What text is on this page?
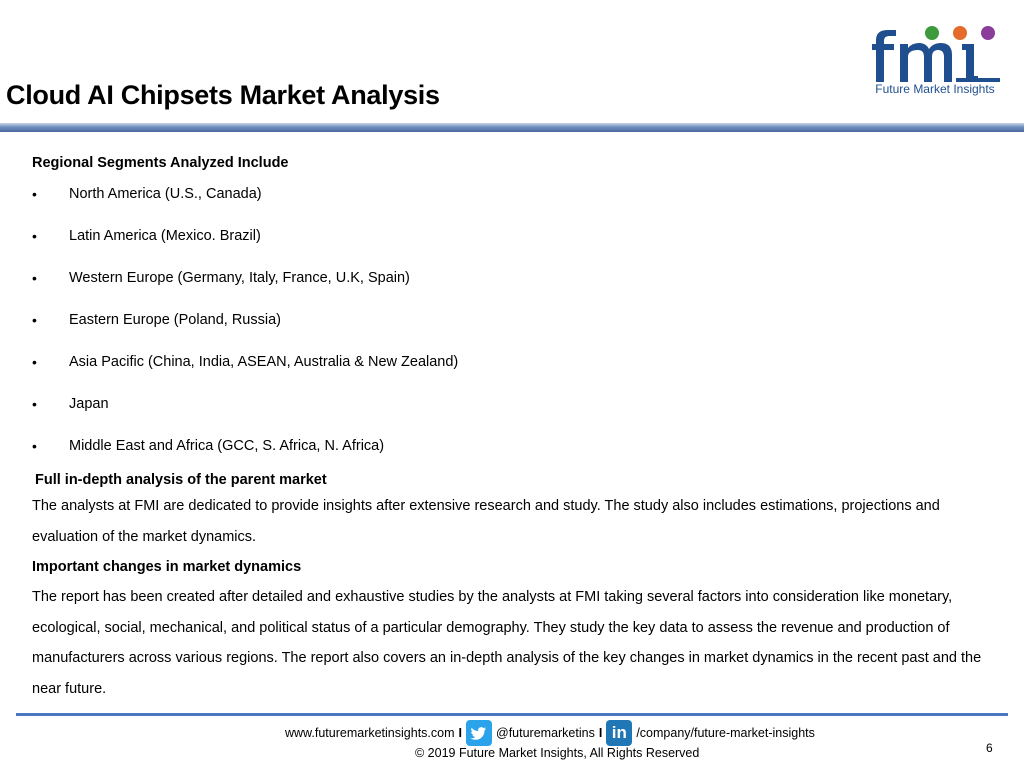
Cloud AI Chipsets Market Analysis	Future Market Insights

Regional Segments Analyzed Include

• North America (U.S., Canada)
• Latin America (Mexico. Brazil)
• Western Europe (Germany, Italy, France, U.K, Spain)
• Eastern Europe (Poland, Russia)
• Asia Pacific (China, India, ASEAN, Australia & New Zealand)
• Japan
• Middle East and Africa (GCC, S. Africa, N. Africa)

Full in-depth analysis of the parent market

The analysts at FMI are dedicated to provide insights after extensive research and study. The study also includes estimations, projections and evaluation of the market dynamics.

Important changes in market dynamics

The report has been created after detailed and exhaustive studies by the analysts at FMI taking several factors into consideration like monetary, ecological, social, mechanical, and political status of a particular demography. They study the key data to assess the revenue and production of manufacturers across various regions. The report also covers an in-depth analysis of the key changes in market dynamics in the recent past and the near future.

www.futuremarketinsights.com I	@futuremarketins I in /company/future-market-insights
© 2019 Future Market Insights, All Rights Reserved	6
